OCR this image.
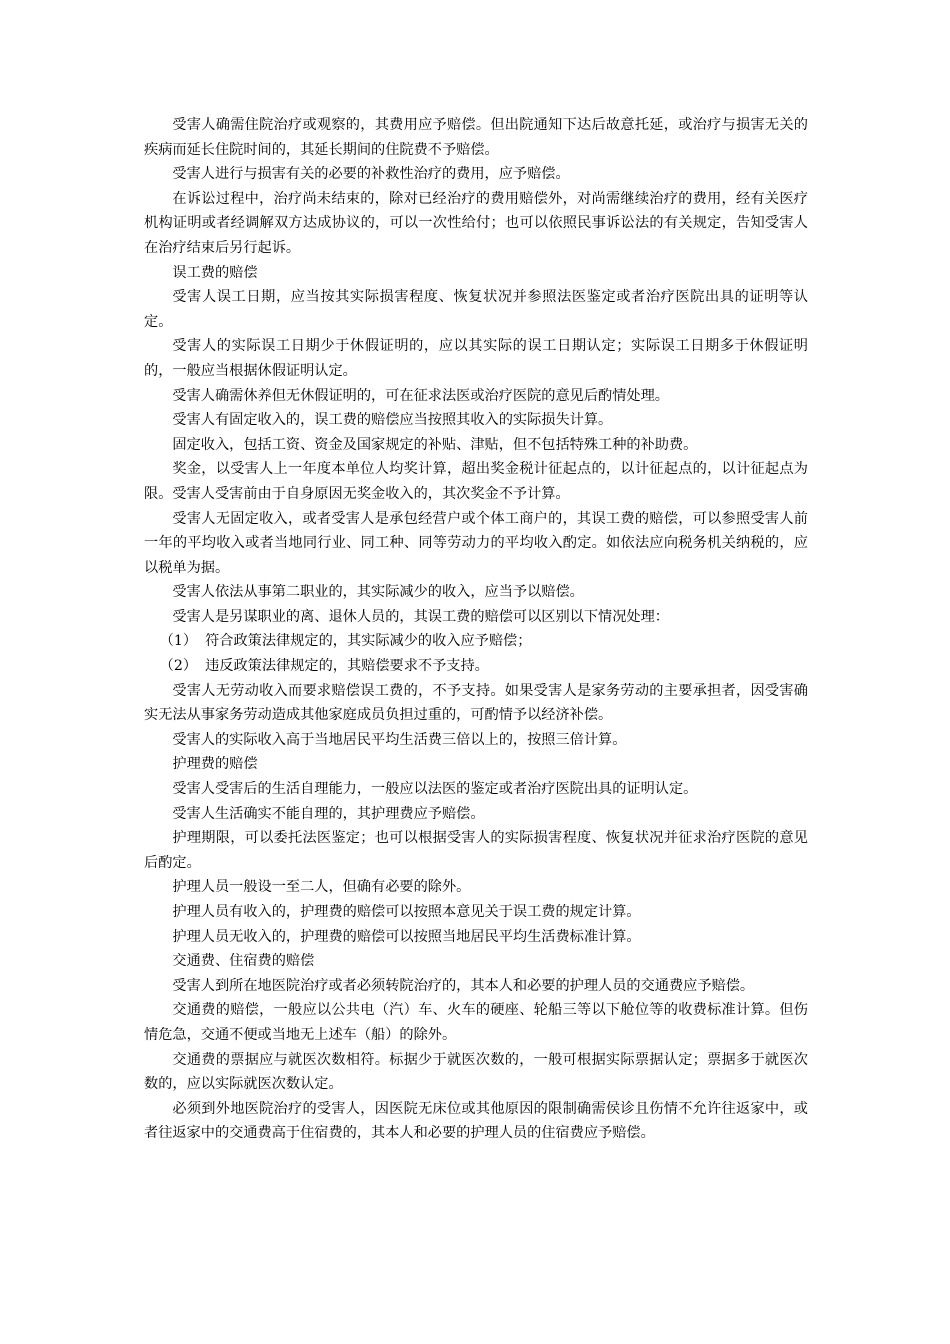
受害人确需住院治疗或观察的，其费用应予赔偿。但出院通知下达后故意托延，或治疗与损害无关的疾病而延长住院时间的，其延长期间的住院费不予赔偿。

受害人进行与损害有关的必要的补救性治疗的费用，应予赔偿。

在诉讼过程中，治疗尚未结束的，除对已经治疗的费用赔偿外，对尚需继续治疗的费用，经有关医疗机构证明或者经调解双方达成协议的，可以一次性给付；也可以依照民事诉讼法的有关规定，告知受害人在治疗结束后另行起诉。

误工费的赔偿

受害人误工日期，应当按其实际损害程度、恢复状况并参照法医鉴定或者治疗医院出具的证明等认定。

受害人的实际误工日期少于休假证明的，应以其实际的误工日期认定；实际误工日期多于休假证明的，一般应当根据休假证明认定。

受害人确需休养但无休假证明的，可在征求法医或治疗医院的意见后酌情处理。

受害人有固定收入的，误工费的赔偿应当按照其收入的实际损失计算。

固定收入，包括工资、资金及国家规定的补贴、津贴，但不包括特殊工种的补助费。

奖金，以受害人上一年度本单位人均奖计算，超出奖金税计征起点的，以计征起点的，以计征起点为限。受害人受害前由于自身原因无奖金收入的，其次奖金不予计算。

受害人无固定收入，或者受害人是承包经营户或个体工商户的，其误工费的赔偿，可以参照受害人前一年的平均收入或者当地同行业、同工种、同等劳动力的平均收入酌定。如依法应向税务机关纳税的，应以税单为据。

受害人依法从事第二职业的，其实际减少的收入，应当予以赔偿。

受害人是另谋职业的离、退休人员的，其误工费的赔偿可以区别以下情况处理：

（1） 符合政策法律规定的，其实际减少的收入应予赔偿；

（2） 违反政策法律规定的，其赔偿要求不予支持。

受害人无劳动收入而要求赔偿误工费的，不予支持。如果受害人是家务劳动的主要承担者，因受害确实无法从事家务劳动造成其他家庭成员负担过重的，可酌情予以经济补偿。

受害人的实际收入高于当地居民平均生活费三倍以上的，按照三倍计算。

护理费的赔偿

受害人受害后的生活自理能力，一般应以法医的鉴定或者治疗医院出具的证明认定。

受害人生活确实不能自理的，其护理费应予赔偿。

护理期限，可以委托法医鉴定；也可以根据受害人的实际损害程度、恢复状况并征求治疗医院的意见后酌定。

护理人员一般设一至二人，但确有必要的除外。

护理人员有收入的，护理费的赔偿可以按照本意见关于误工费的规定计算。

护理人员无收入的，护理费的赔偿可以按照当地居民平均生活费标准计算。

交通费、住宿费的赔偿

受害人到所在地医院治疗或者必须转院治疗的，其本人和必要的护理人员的交通费应予赔偿。

交通费的赔偿，一般应以公共电（汽）车、火车的硬座、轮船三等以下舱位等的收费标准计算。但伤情危急，交通不便或当地无上述车（船）的除外。

交通费的票据应与就医次数相符。标据少于就医次数的，一般可根据实际票据认定；票据多于就医次数的，应以实际就医次数认定。

必须到外地医院治疗的受害人，因医院无床位或其他原因的限制确需侯诊且伤情不允许往返家中，或者往返家中的交通费高于住宿费的，其本人和必要的护理人员的住宿费应予赔偿。
